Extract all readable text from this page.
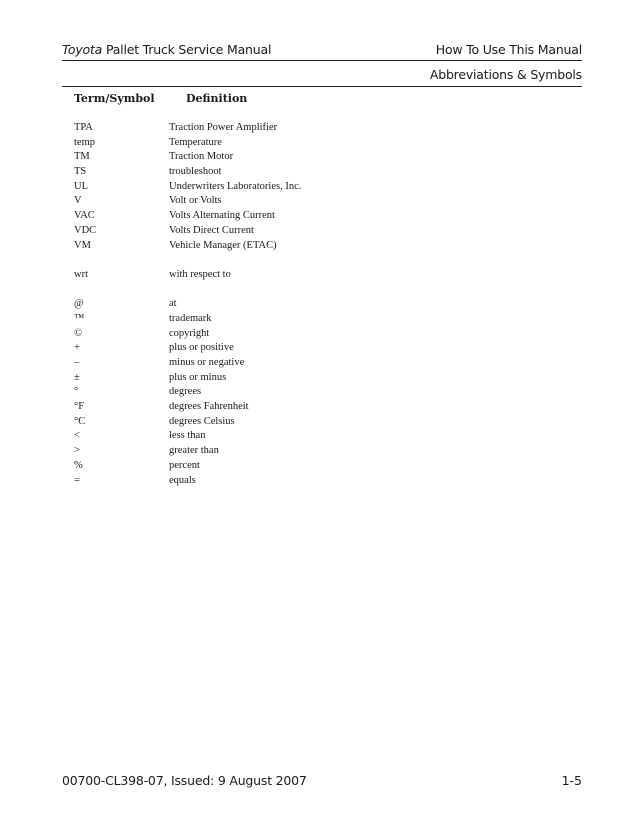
Toyota Pallet Truck Service Manual	How To Use This Manual
Abbreviations & Symbols
Term/Symbol	Definition
TPA	Traction Power Amplifier
temp	Temperature
TM	Traction Motor
TS	troubleshoot
UL	Underwriters Laboratories, Inc.
V	Volt or Volts
VAC	Volts Alternating Current
VDC	Volts Direct Current
VM	Vehicle Manager (ETAC)
wrt	with respect to
@	at
™	trademark
©	copyright
+	plus or positive
–	minus or negative
±	plus or minus
°	degrees
°F	degrees Fahrenheit
°C	degrees Celsius
<	less than
>	greater than
%	percent
=	equals
00700-CL398-07, Issued: 9 August 2007	1-5
